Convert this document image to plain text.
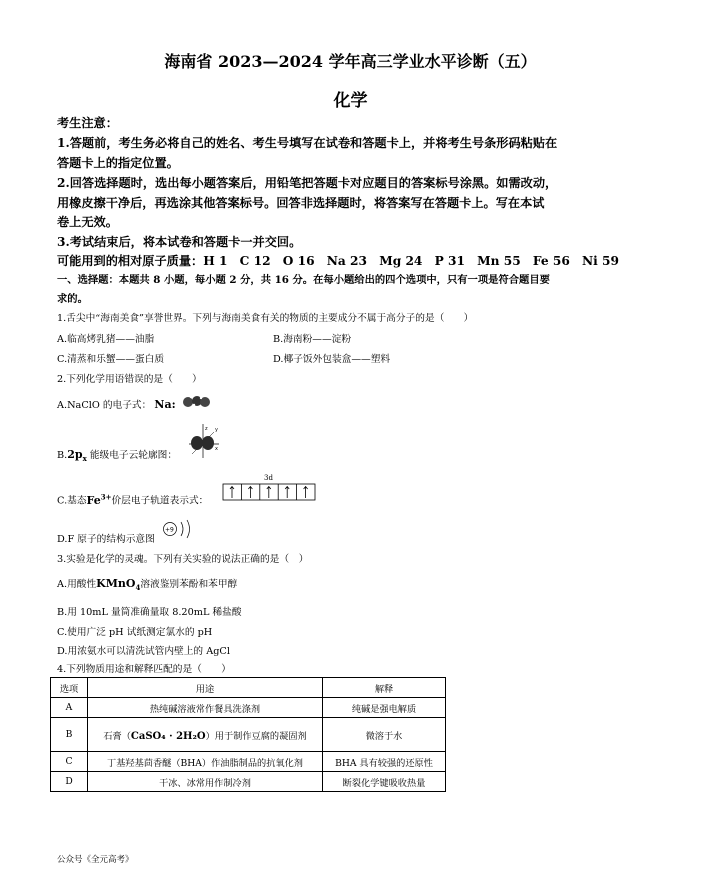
海南省 2023—2024 学年高三学业水平诊断（五）
化学
考生注意：
1.答题前，考生务必将自己的姓名、考生号填写在试卷和答题卡上，并将考生号条形码粘贴在
答题卡上的指定位置。
2.回答选择题时，选出每小题答案后，用铅笔把答题卡对应题目的答案标号涂黑。如需改动，
用橡皮擦干净后，再选涂其他答案标号。回答非选择题时，将答案写在答题卡上。写在本试
卷上无效。
3.考试结束后，将本试卷和答题卡一并交回。
可能用到的相对原子质量：H 1　C 12　O 16　Na 23　Mg 24　P 31　Mn 55　Fe 56　Ni 59
一、选择题：本题共 8 小题，每小题 2 分，共 16 分。在每小题给出的四个选项中，只有一项是符合题目要
求的。
1.舌尖中“海南美食”享誉世界。下列与海南美食有关的物质的主要成分不属于高分子的是（　　）
A.临高烤乳猪——油脂	B.海南粉——淀粉
C.清蒸和乐蟹——蛋白质	D.椰子饭外包装盒——塑料
2.下列化学用语错误的是（　　）
A.NaClO 的电子式： Na:
z y
x
$B.2p_x$ 能级电子云轮廓图：
C.基态$Fe^{3+}$价层电子轨道表示式：
3d
D.F 原子的结构示意图
+9
3.实验是化学的灵魂。下列有关实验的说法正确的是（　）
A.用酸性KMnO$_4$溶液鉴别苯酚和苯甲醇
B.用 10mL 量筒准确量取 8.20mL 稀盐酸
C.使用广泛 pH 试纸测定氯水的 pH
D.用浓氨水可以清洗试管内壁上的 AgCl
4.下列物质用途和解释匹配的是（　　）
选项	用途	解释
A	热纯碱溶液常作餐具洗涤剂	纯碱是强电解质
B	石膏（CaSO₄ · 2H₂O）用于制作豆腐的凝固剂	微溶于水
C	丁基羟基茴香醚（BHA）作油脂制品的抗氧化剂	BHA 具有较强的还原性
D	干冰、冰常用作制冷剂	断裂化学键吸收热量
公众号《全元高考》
